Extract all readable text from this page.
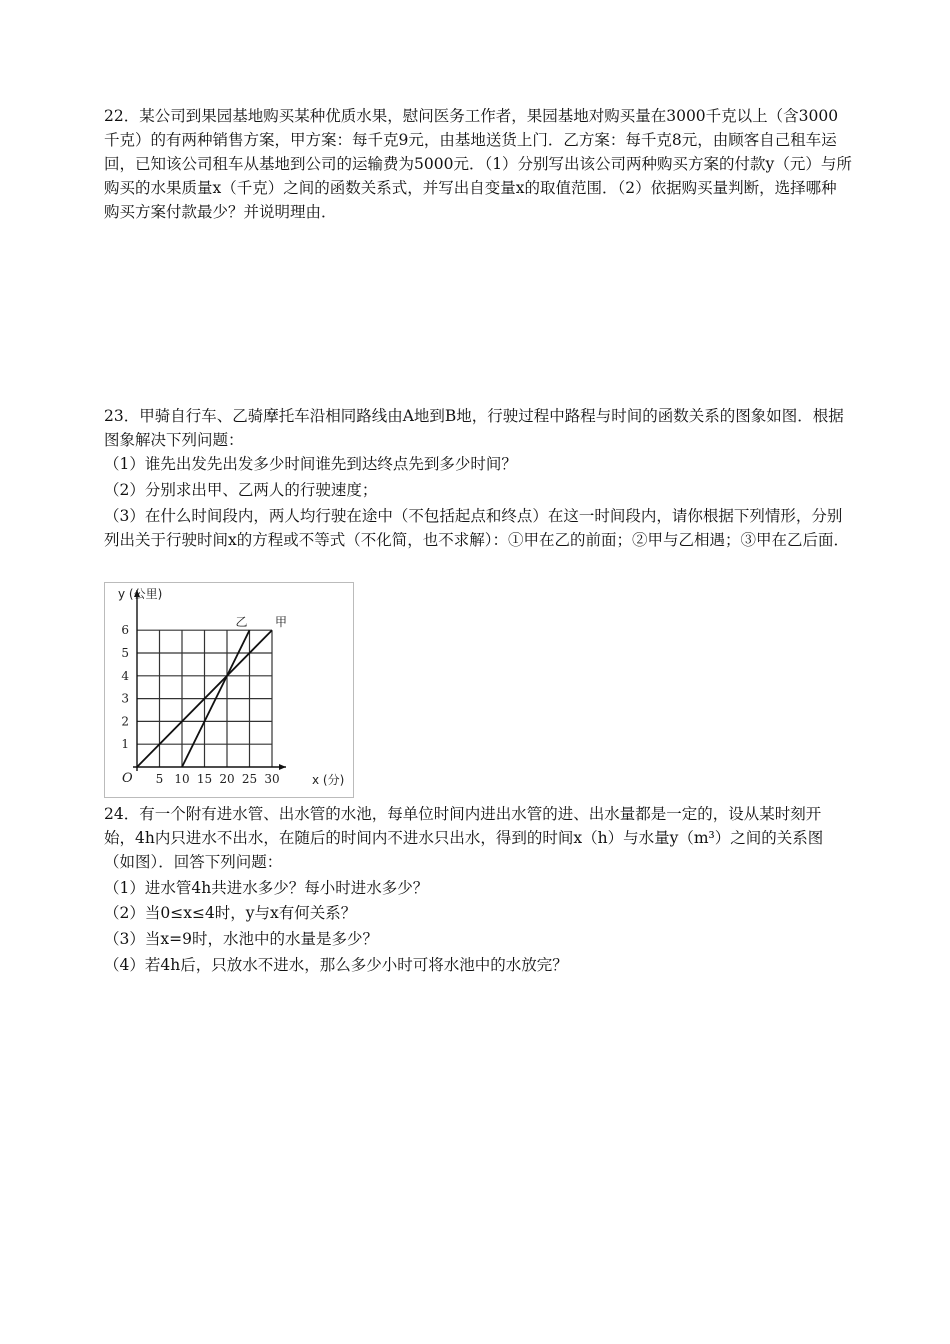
22．某公司到果园基地购买某种优质水果，慰问医务工作者，果园基地对购买量在3000千克以上（含3000千克）的有两种销售方案，甲方案：每千克9元，由基地送货上门．乙方案：每千克8元，由顾客自己租车运回，已知该公司租车从基地到公司的运输费为5000元．（1）分别写出该公司两种购买方案的付款y（元）与所购买的水果质量x（千克）之间的函数关系式，并写出自变量x的取值范围．（2）依据购买量判断，选择哪种购买方案付款最少？并说明理由．

23．甲骑自行车、乙骑摩托车沿相同路线由A地到B地，行驶过程中路程与时间的函数关系的图象如图．根据图象解决下列问题：

（1）谁先出发先出发多少时间谁先到达终点先到多少时间？

（2）分别求出甲、乙两人的行驶速度；

（3）在什么时间段内，两人均行驶在途中（不包括起点和终点）在这一时间段内，请你根据下列情形，分别列出关于行驶时间x的方程或不等式（不化简，也不求解）：①甲在乙的前面；②甲与乙相遇；③甲在乙后面．

5 10 15 20 25 30
1
2
3
4
5
6
甲
乙
y (公里)
x (分)
O

24．有一个附有进水管、出水管的水池，每单位时间内进出水管的进、出水量都是一定的，设从某时刻开始，4h内只进水不出水，在随后的时间内不进水只出水，得到的时间x（h）与水量y（m³）之间的关系图（如图）．回答下列问题：

（1）进水管4h共进水多少？每小时进水多少？

（2）当0≤x≤4时，y与x有何关系？

（3）当x=9时，水池中的水量是多少？

（4）若4h后，只放水不进水，那么多少小时可将水池中的水放完？
